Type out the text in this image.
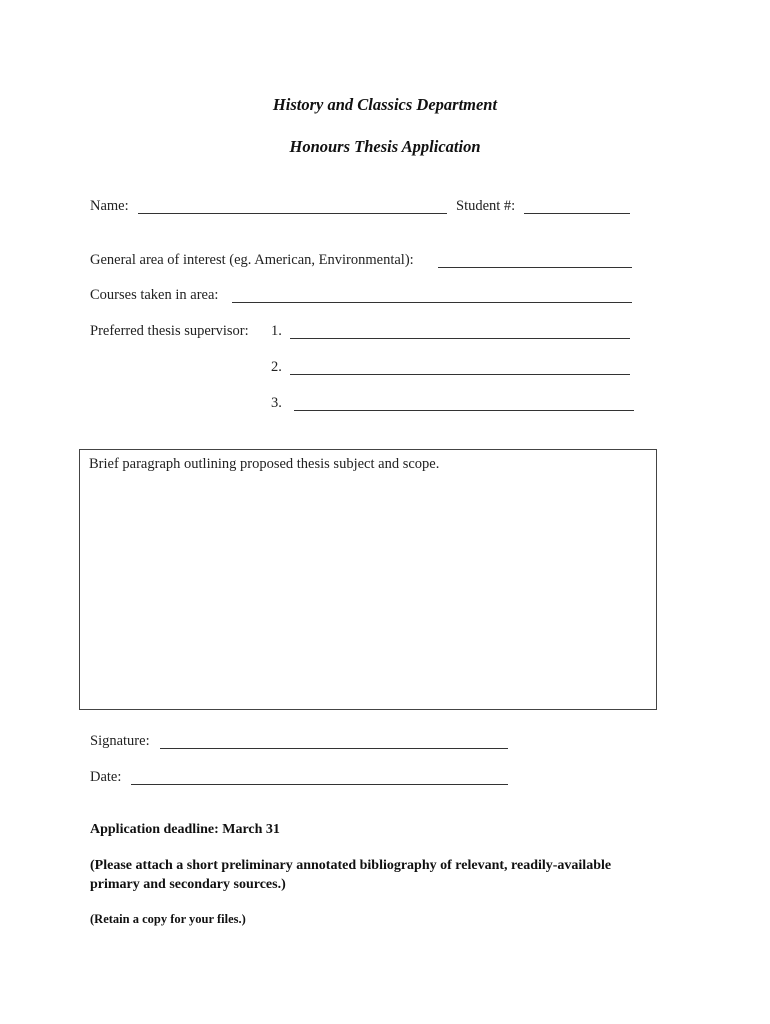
History and Classics Department
Honours Thesis Application
Name:	Student #:
General area of interest (eg. American, Environmental):
Courses taken in area:
Preferred thesis supervisor: 1.
2.
3.
Brief paragraph outlining proposed thesis subject and scope.
Signature:
Date:
Application deadline: March 31
(Please attach a short preliminary annotated bibliography of relevant, readily-available
primary and secondary sources.)
(Retain a copy for your files.)
